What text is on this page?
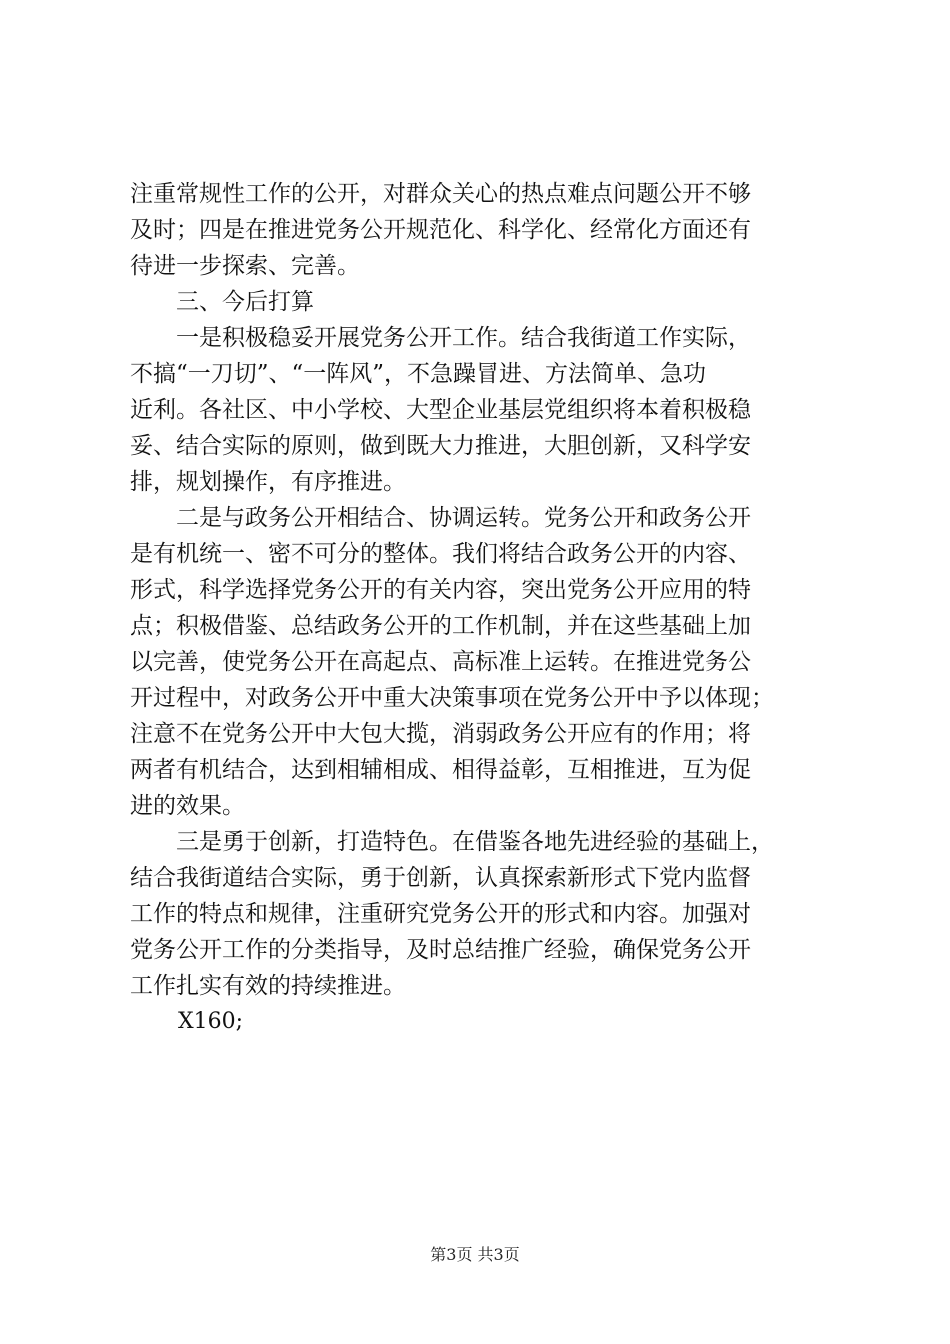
注重常规性工作的公开，对群众关心的热点难点问题公开不够
及时；四是在推进党务公开规范化、科学化、经常化方面还有
待进一步探索、完善。
三、今后打算
一是积极稳妥开展党务公开工作。结合我街道工作实际，
不搞“一刀切”、“一阵风”，不急躁冒进、方法简单、急功
近利。各社区、中小学校、大型企业基层党组织将本着积极稳
妥、结合实际的原则，做到既大力推进，大胆创新，又科学安
排，规划操作，有序推进。
二是与政务公开相结合、协调运转。党务公开和政务公开
是有机统一、密不可分的整体。我们将结合政务公开的内容、
形式，科学选择党务公开的有关内容，突出党务公开应用的特
点；积极借鉴、总结政务公开的工作机制，并在这些基础上加
以完善，使党务公开在高起点、高标准上运转。在推进党务公
开过程中，对政务公开中重大决策事项在党务公开中予以体现；
注意不在党务公开中大包大揽，消弱政务公开应有的作用；将
两者有机结合，达到相辅相成、相得益彰，互相推进，互为促
进的效果。
三是勇于创新，打造特色。在借鉴各地先进经验的基础上，
结合我街道结合实际，勇于创新，认真探索新形式下党内监督
工作的特点和规律，注重研究党务公开的形式和内容。加强对
党务公开工作的分类指导，及时总结推广经验，确保党务公开
工作扎实有效的持续推进。
X160;
第3页 共3页
